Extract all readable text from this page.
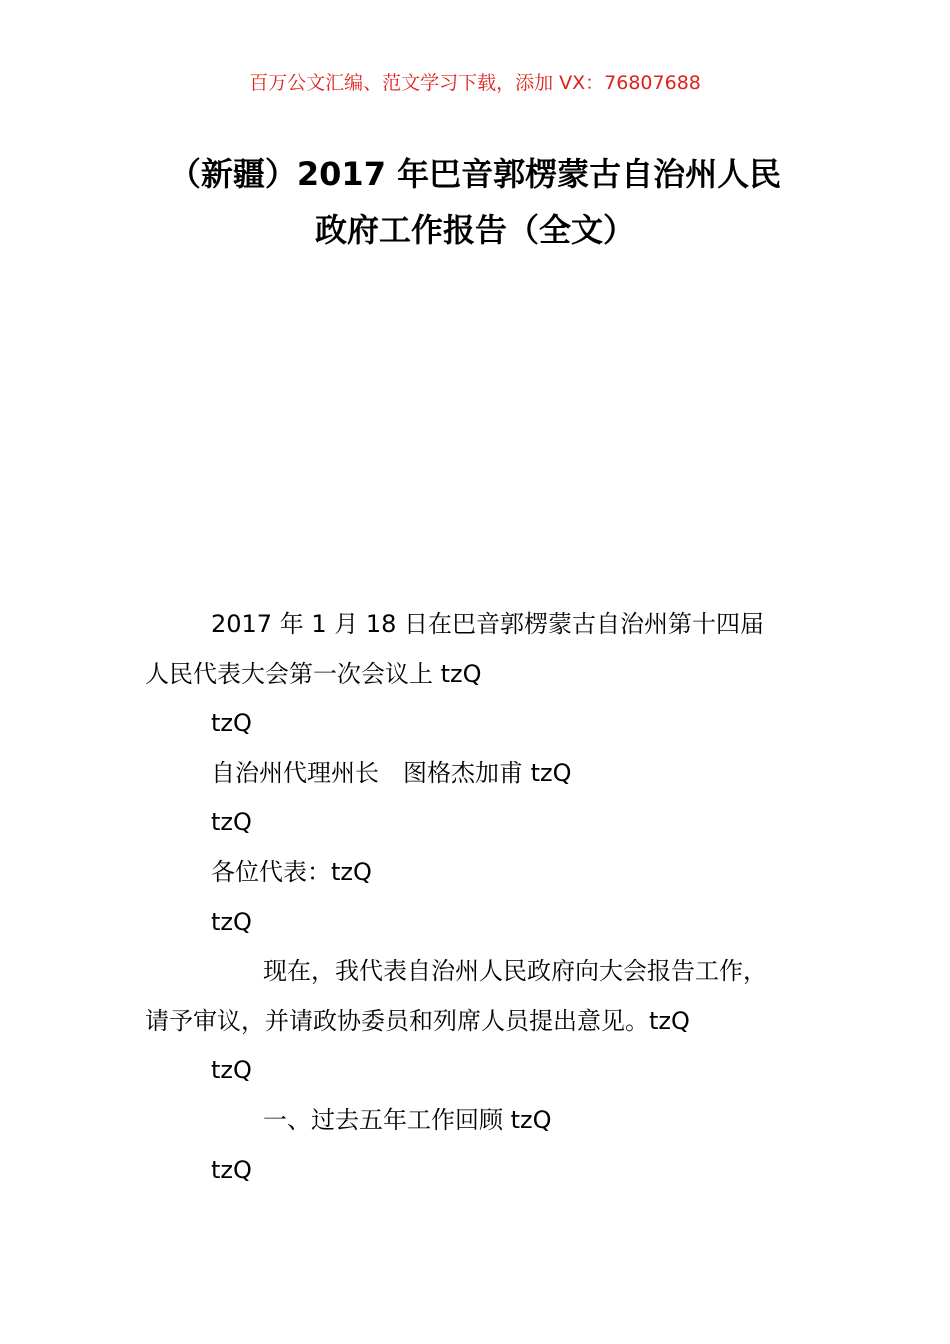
百万公文汇编、范文学习下载，添加 VX：76807688
（新疆）2017 年巴音郭楞蒙古自治州人民
政府工作报告（全文）

2017 年 1 月 18 日在巴音郭楞蒙古自治州第十四届

人民代表大会第一次会议上 tzQ

tzQ

自治州代理州长　图格杰加甫 tzQ

tzQ

各位代表：tzQ

tzQ

现在，我代表自治州人民政府向大会报告工作，

请予审议，并请政协委员和列席人员提出意见。tzQ

tzQ

一、过去五年工作回顾 tzQ

tzQ
